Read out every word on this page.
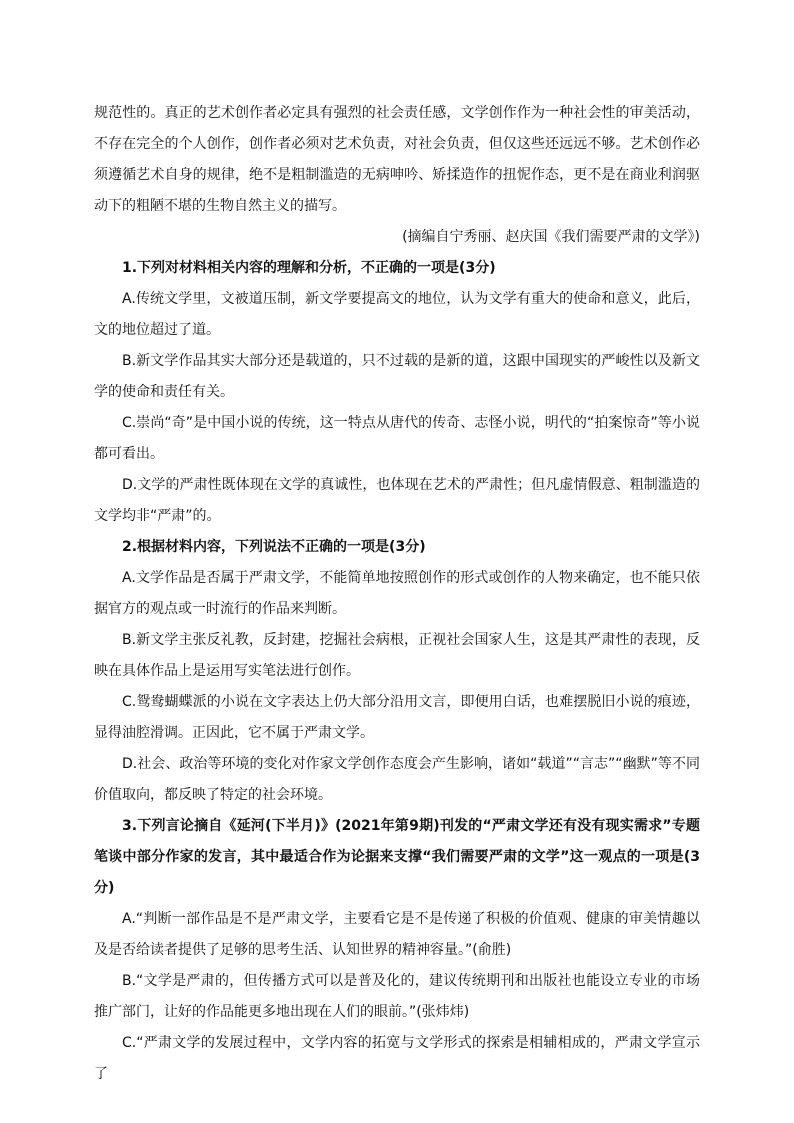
规范性的。真正的艺术创作者必定具有强烈的社会责任感，文学创作作为一种社会性的审美活动，不存在完全的个人创作，创作者必须对艺术负责，对社会负责，但仅这些还远远不够。艺术创作必须遵循艺术自身的规律，绝不是粗制滥造的无病呻吟、矫揉造作的扭怩作态，更不是在商业利润驱动下的粗陋不堪的生物自然主义的描写。

(摘编自宁秀丽、赵庆国《我们需要严肃的文学》)

1.下列对材料相关内容的理解和分析，不正确的一项是(3分)

A.传统文学里，文被道压制，新文学要提高文的地位，认为文学有重大的使命和意义，此后，文的地位超过了道。

B.新文学作品其实大部分还是载道的，只不过载的是新的道，这跟中国现实的严峻性以及新文学的使命和责任有关。

C.崇尚“奇”是中国小说的传统，这一特点从唐代的传奇、志怪小说，明代的“拍案惊奇”等小说都可看出。

D.文学的严肃性既体现在文学的真诚性，也体现在艺术的严肃性；但凡虚情假意、粗制滥造的文学均非“严肃”的。

2.根据材料内容，下列说法不正确的一项是(3分)

A.文学作品是否属于严肃文学，不能简单地按照创作的形式或创作的人物来确定，也不能只依据官方的观点或一时流行的作品来判断。

B.新文学主张反礼教，反封建，挖掘社会病根，正视社会国家人生，这是其严肃性的表现，反映在具体作品上是运用写实笔法进行创作。

C.鸳鸯蝴蝶派的小说在文字表达上仍大部分沿用文言，即便用白话，也难摆脱旧小说的痕迹，显得油腔滑调。正因此，它不属于严肃文学。

D.社会、政治等环境的变化对作家文学创作态度会产生影响，诸如“载道”“言志”“幽默”等不同价值取向，都反映了特定的社会环境。

3.下列言论摘自《延河(下半月)》(2021年第9期)刊发的“严肃文学还有没有现实需求”专题笔谈中部分作家的发言，其中最适合作为论据来支撑“我们需要严肃的文学”这一观点的一项是(3分)

A.“判断一部作品是不是严肃文学，主要看它是不是传递了积极的价值观、健康的审美情趣以及是否给读者提供了足够的思考生活、认知世界的精神容量。”(俞胜)

B.“文学是严肃的，但传播方式可以是普及化的，建议传统期刊和出版社也能设立专业的市场推广部门，让好的作品能更多地出现在人们的眼前。”(张炜炜)

C.“严肃文学的发展过程中，文学内容的拓宽与文学形式的探索是相辅相成的，严肃文学宣示了
